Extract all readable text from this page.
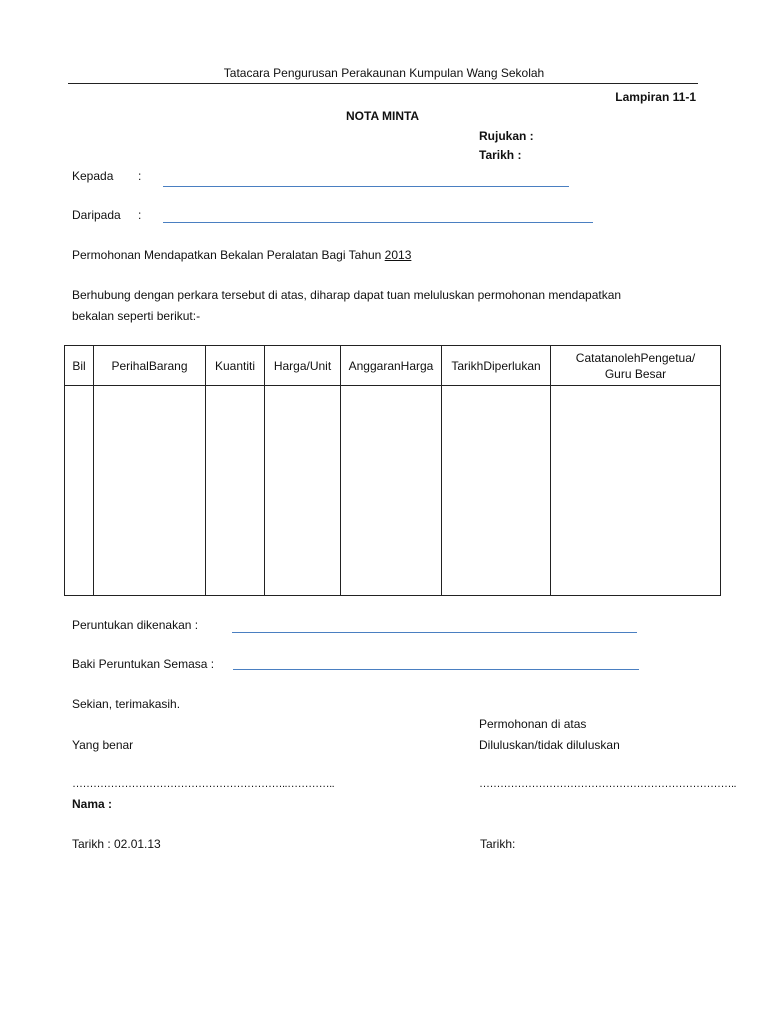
Tatacara Pengurusan Perakaunan Kumpulan Wang Sekolah
Lampiran 11-1
NOTA MINTA
Rujukan :
Tarikh :
Kepada :
Daripada :
Permohonan Mendapatkan Bekalan Peralatan Bagi Tahun 2013
Berhubung dengan perkara tersebut di atas, diharap dapat tuan meluluskan permohonan mendapatkan
bekalan seperti berikut:-
Bil	PerihalBarang	Kuantiti	Harga/Unit	AnggaranHarga	TarikhDiperlukan	CatatanolehPengetua/
Guru Besar

Peruntukan dikenakan :
Baki Peruntukan Semasa :
Sekian, terimakasih.
Permohonan di atas
Yang benar	Diluluskan/tidak diluluskan
……………………………………………………..…………..	………………………………………………………………..
Nama :
Tarikh : 02.01.13	Tarikh:
